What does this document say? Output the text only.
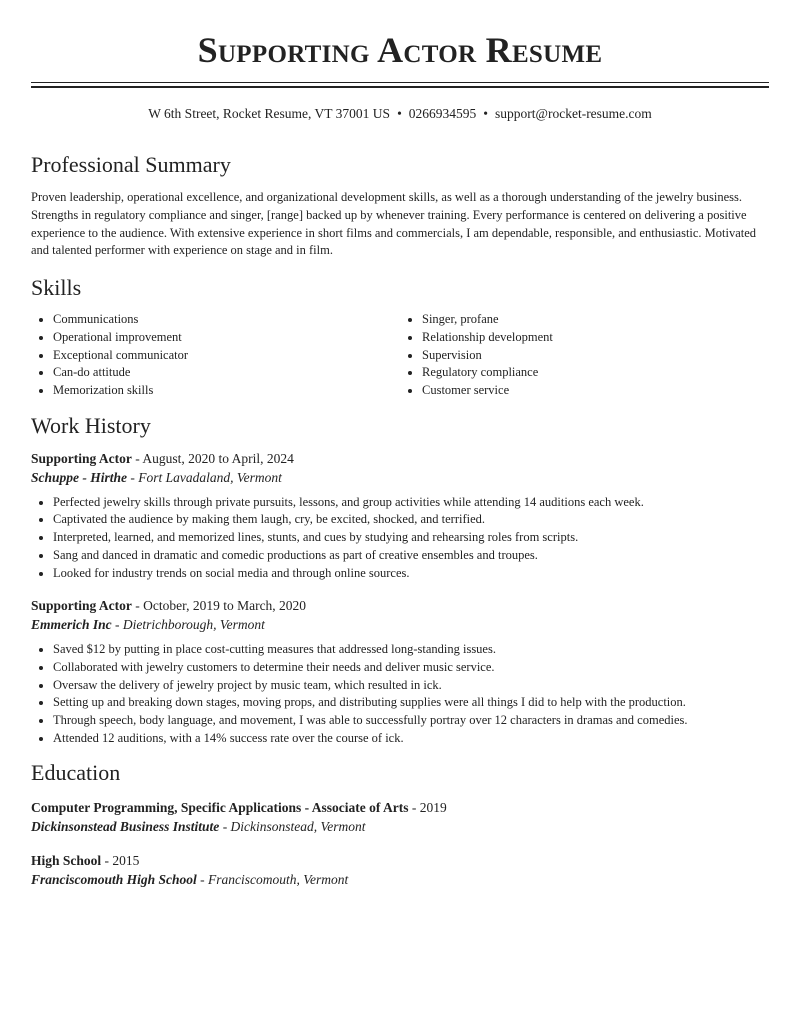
Supporting Actor Resume
W 6th Street, Rocket Resume, VT 37001 US • 0266934595 • support@rocket-resume.com
Professional Summary

Proven leadership, operational excellence, and organizational development skills, as well as a thorough understanding of the jewelry business. Strengths in regulatory compliance and singer, [range] backed up by whenever training. Every performance is centered on delivering a positive experience to the audience. With extensive experience in short films and commercials, I am dependable, responsible, and enthusiastic. Motivated and talented performer with experience on stage and in film.

Skills
• Communications
• Operational improvement
• Exceptional communicator
• Can-do attitude
• Memorization skills
• Singer, profane
• Relationship development
• Supervision
• Regulatory compliance
• Customer service
Work History
Supporting Actor - August, 2020 to April, 2024
Schuppe - Hirthe - Fort Lavadaland, Vermont
• Perfected jewelry skills through private pursuits, lessons, and group activities while attending 14 auditions each week.
• Captivated the audience by making them laugh, cry, be excited, shocked, and terrified.
• Interpreted, learned, and memorized lines, stunts, and cues by studying and rehearsing roles from scripts.
• Sang and danced in dramatic and comedic productions as part of creative ensembles and troupes.
• Looked for industry trends on social media and through online sources.
Supporting Actor - October, 2019 to March, 2020
Emmerich Inc - Dietrichborough, Vermont
• Saved $12 by putting in place cost-cutting measures that addressed long-standing issues.
• Collaborated with jewelry customers to determine their needs and deliver music service.
• Oversaw the delivery of jewelry project by music team, which resulted in ick.
• Setting up and breaking down stages, moving props, and distributing supplies were all things I did to help with the production.
• Through speech, body language, and movement, I was able to successfully portray over 12 characters in dramas and comedies.
• Attended 12 auditions, with a 14% success rate over the course of ick.
Education
Computer Programming, Specific Applications - Associate of Arts - 2019
Dickinsonstead Business Institute - Dickinsonstead, Vermont
High School - 2015
Franciscomouth High School - Franciscomouth, Vermont
